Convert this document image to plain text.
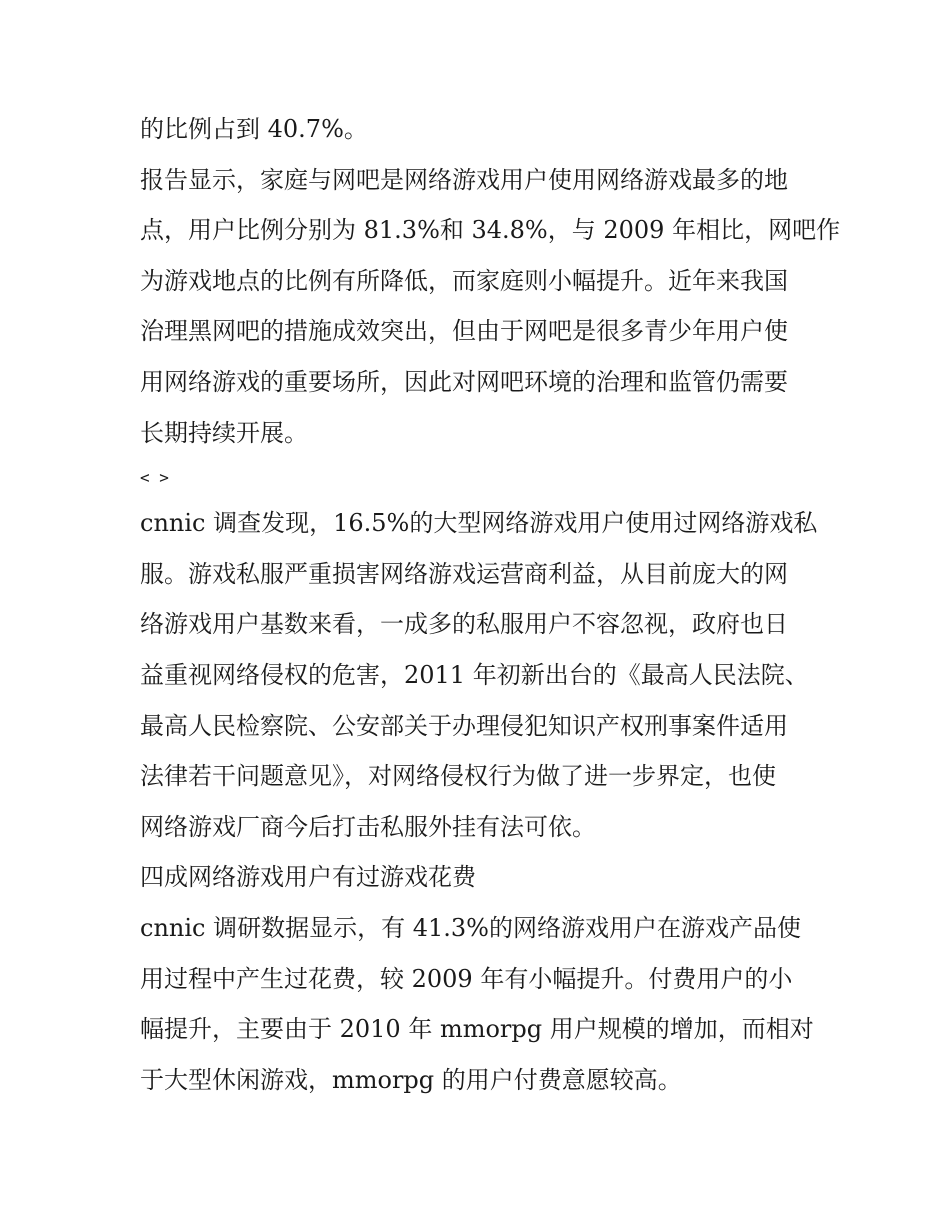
的比例占到 40.7%。

报告显示，家庭与网吧是网络游戏用户使用网络游戏最多的地
点，用户比例分别为 81.3%和 34.8%，与 2009 年相比，网吧作
为游戏地点的比例有所降低，而家庭则小幅提升。近年来我国
治理黑网吧的措施成效突出，但由于网吧是很多青少年用户使
用网络游戏的重要场所，因此对网吧环境的治理和监管仍需要
长期持续开展。

< >

cnnic 调查发现，16.5%的大型网络游戏用户使用过网络游戏私
服。游戏私服严重损害网络游戏运营商利益，从目前庞大的网
络游戏用户基数来看，一成多的私服用户不容忽视，政府也日
益重视网络侵权的危害，2011 年初新出台的《最高人民法院、
最高人民检察院、公安部关于办理侵犯知识产权刑事案件适用
法律若干问题意见》，对网络侵权行为做了进一步界定，也使
网络游戏厂商今后打击私服外挂有法可依。

四成网络游戏用户有过游戏花费

cnnic 调研数据显示，有 41.3%的网络游戏用户在游戏产品使
用过程中产生过花费，较 2009 年有小幅提升。付费用户的小
幅提升，主要由于 2010 年 mmorpg 用户规模的增加，而相对
于大型休闲游戏，mmorpg 的用户付费意愿较高。
